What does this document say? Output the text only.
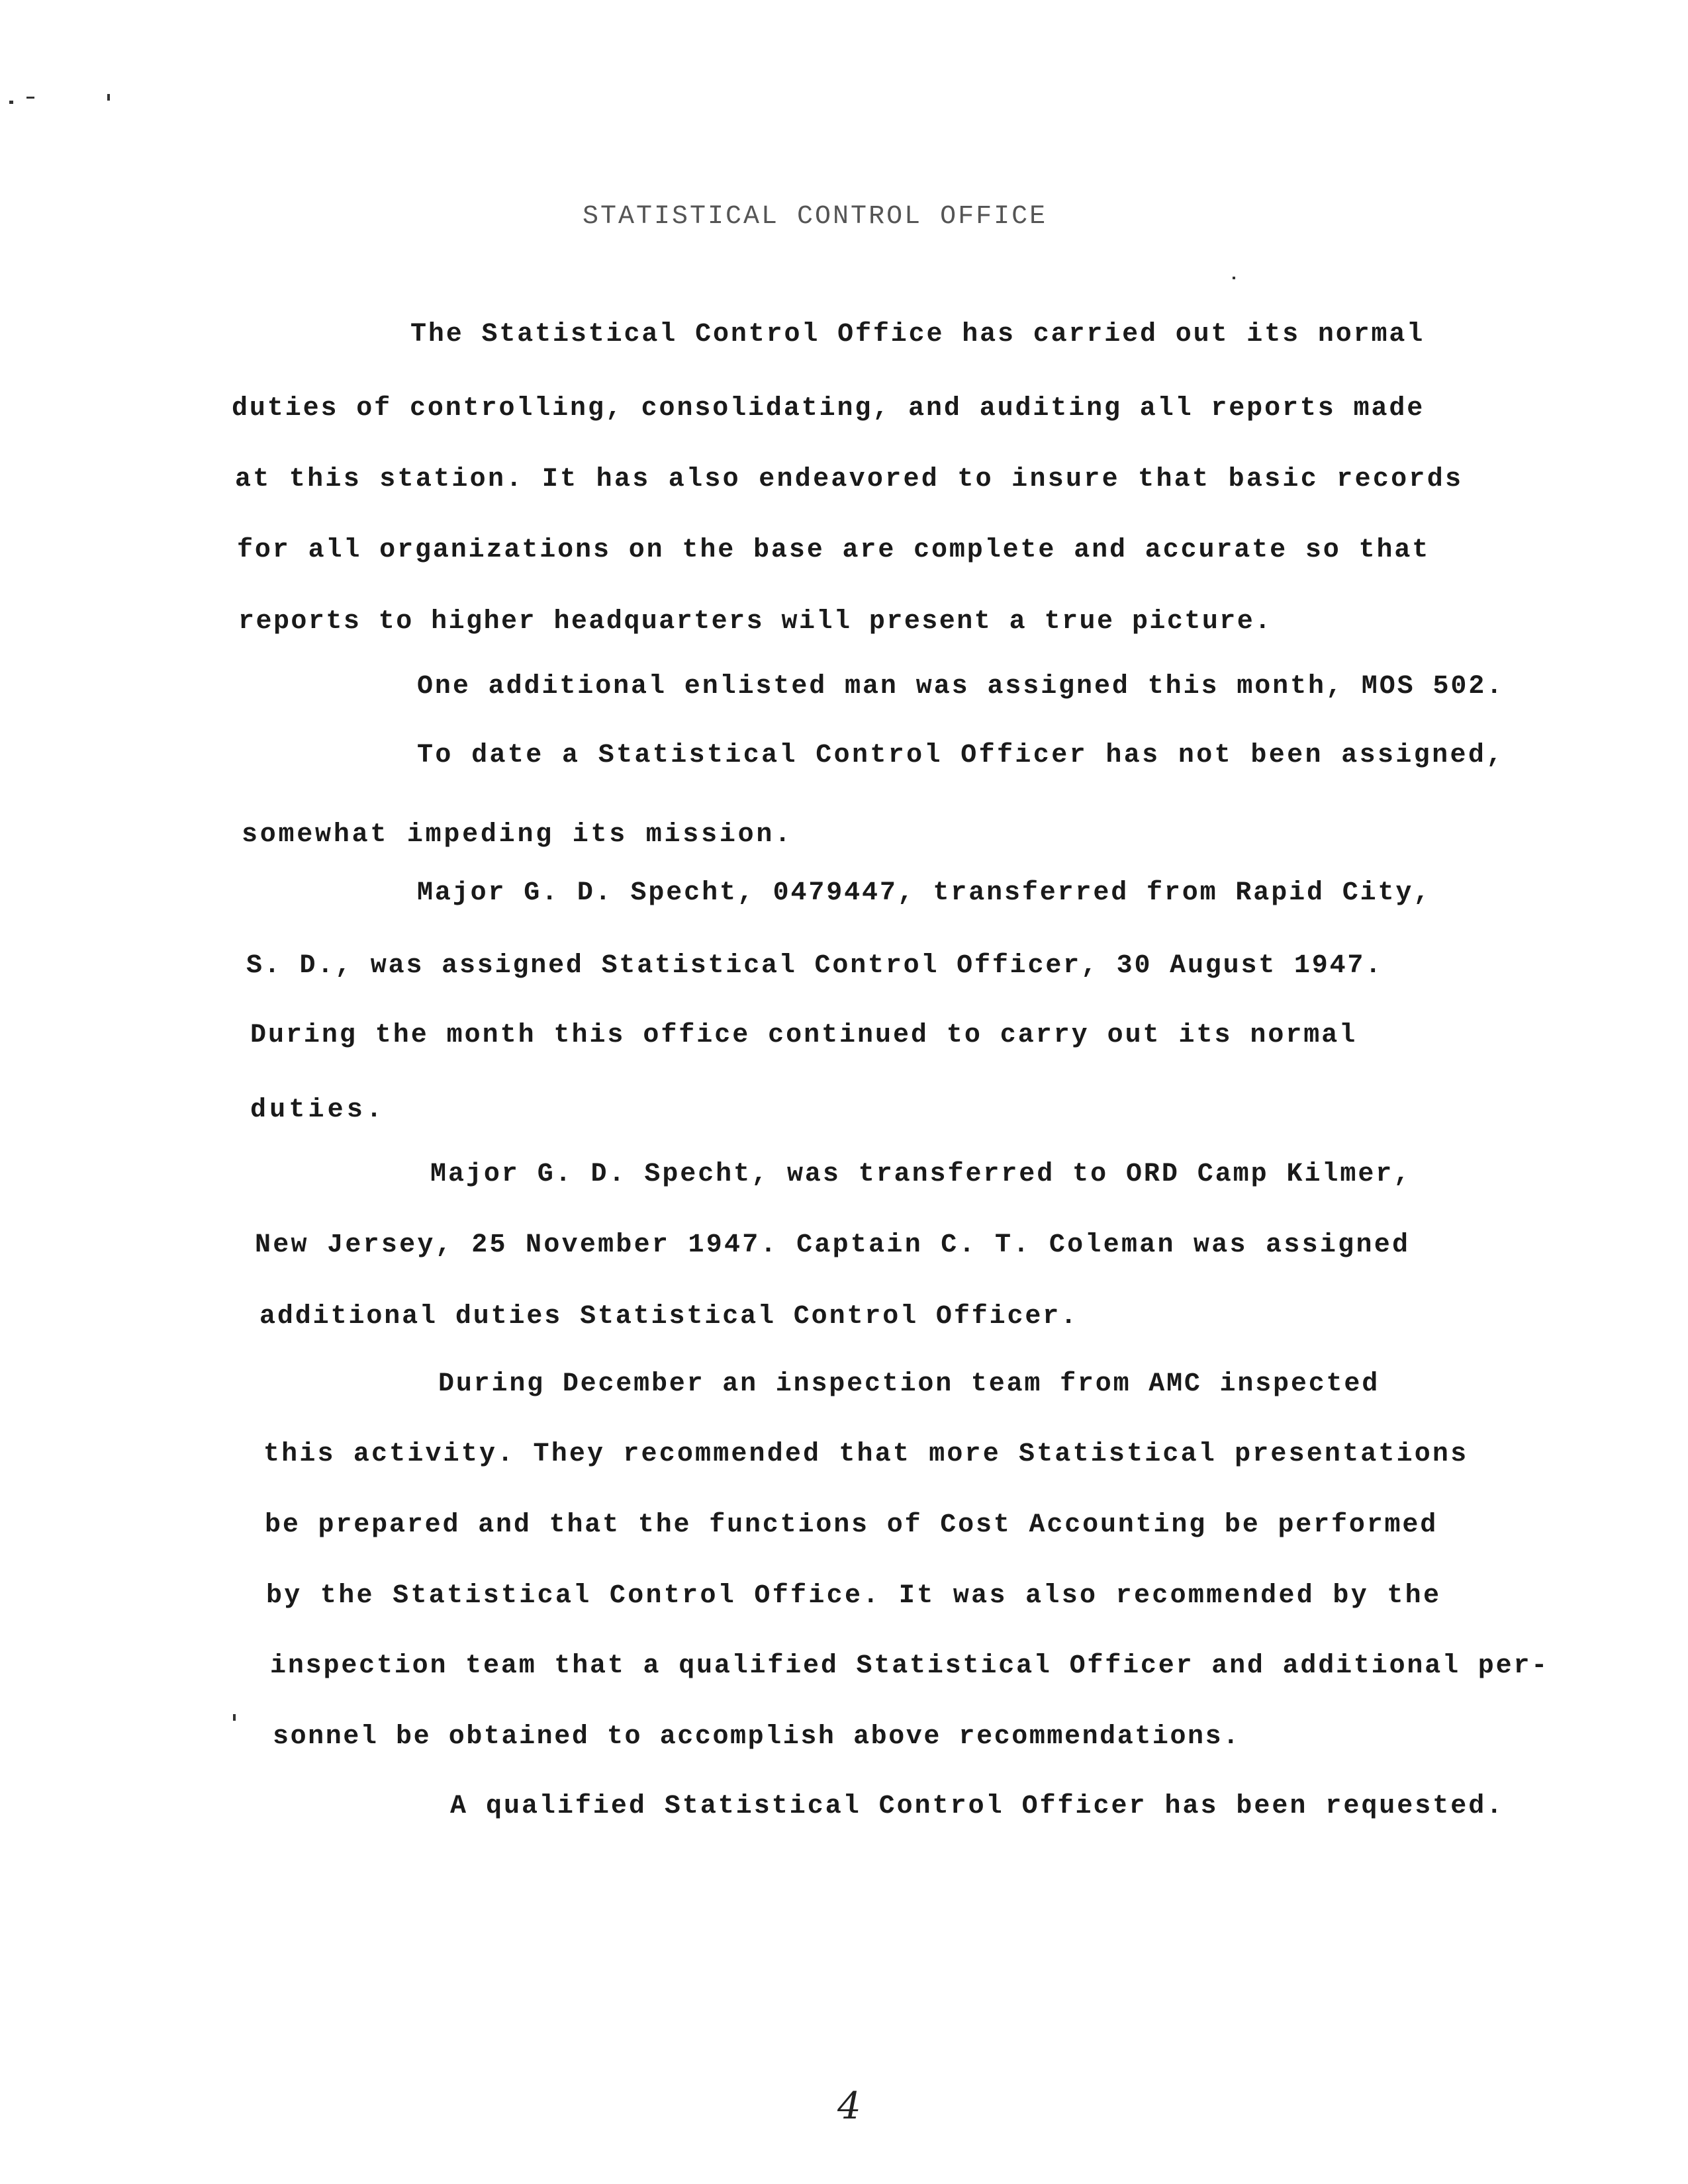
STATISTICAL CONTROL OFFICE
The Statistical Control Office has carried out its normal
duties of controlling, consolidating, and auditing all reports made
at this station. It has also endeavored to insure that basic records
for all organizations on the base are complete and accurate so that
reports to higher headquarters will present a true picture.
One additional enlisted man was assigned this month, MOS 502.
To date a Statistical Control Officer has not been assigned,
somewhat impeding its mission.
Major G. D. Specht, 0479447, transferred from Rapid City,
S. D., was assigned Statistical Control Officer, 30 August 1947.
During the month this office continued to carry out its normal
duties.
Major G. D. Specht, was transferred to ORD Camp Kilmer,
New Jersey, 25 November 1947. Captain C. T. Coleman was assigned
additional duties Statistical Control Officer.
During December an inspection team from AMC inspected
this activity. They recommended that more Statistical presentations
be prepared and that the functions of Cost Accounting be performed
by the Statistical Control Office. It was also recommended by the
inspection team that a qualified Statistical Officer and additional per-
sonnel be obtained to accomplish above recommendations.
A qualified Statistical Control Officer has been requested.
4
